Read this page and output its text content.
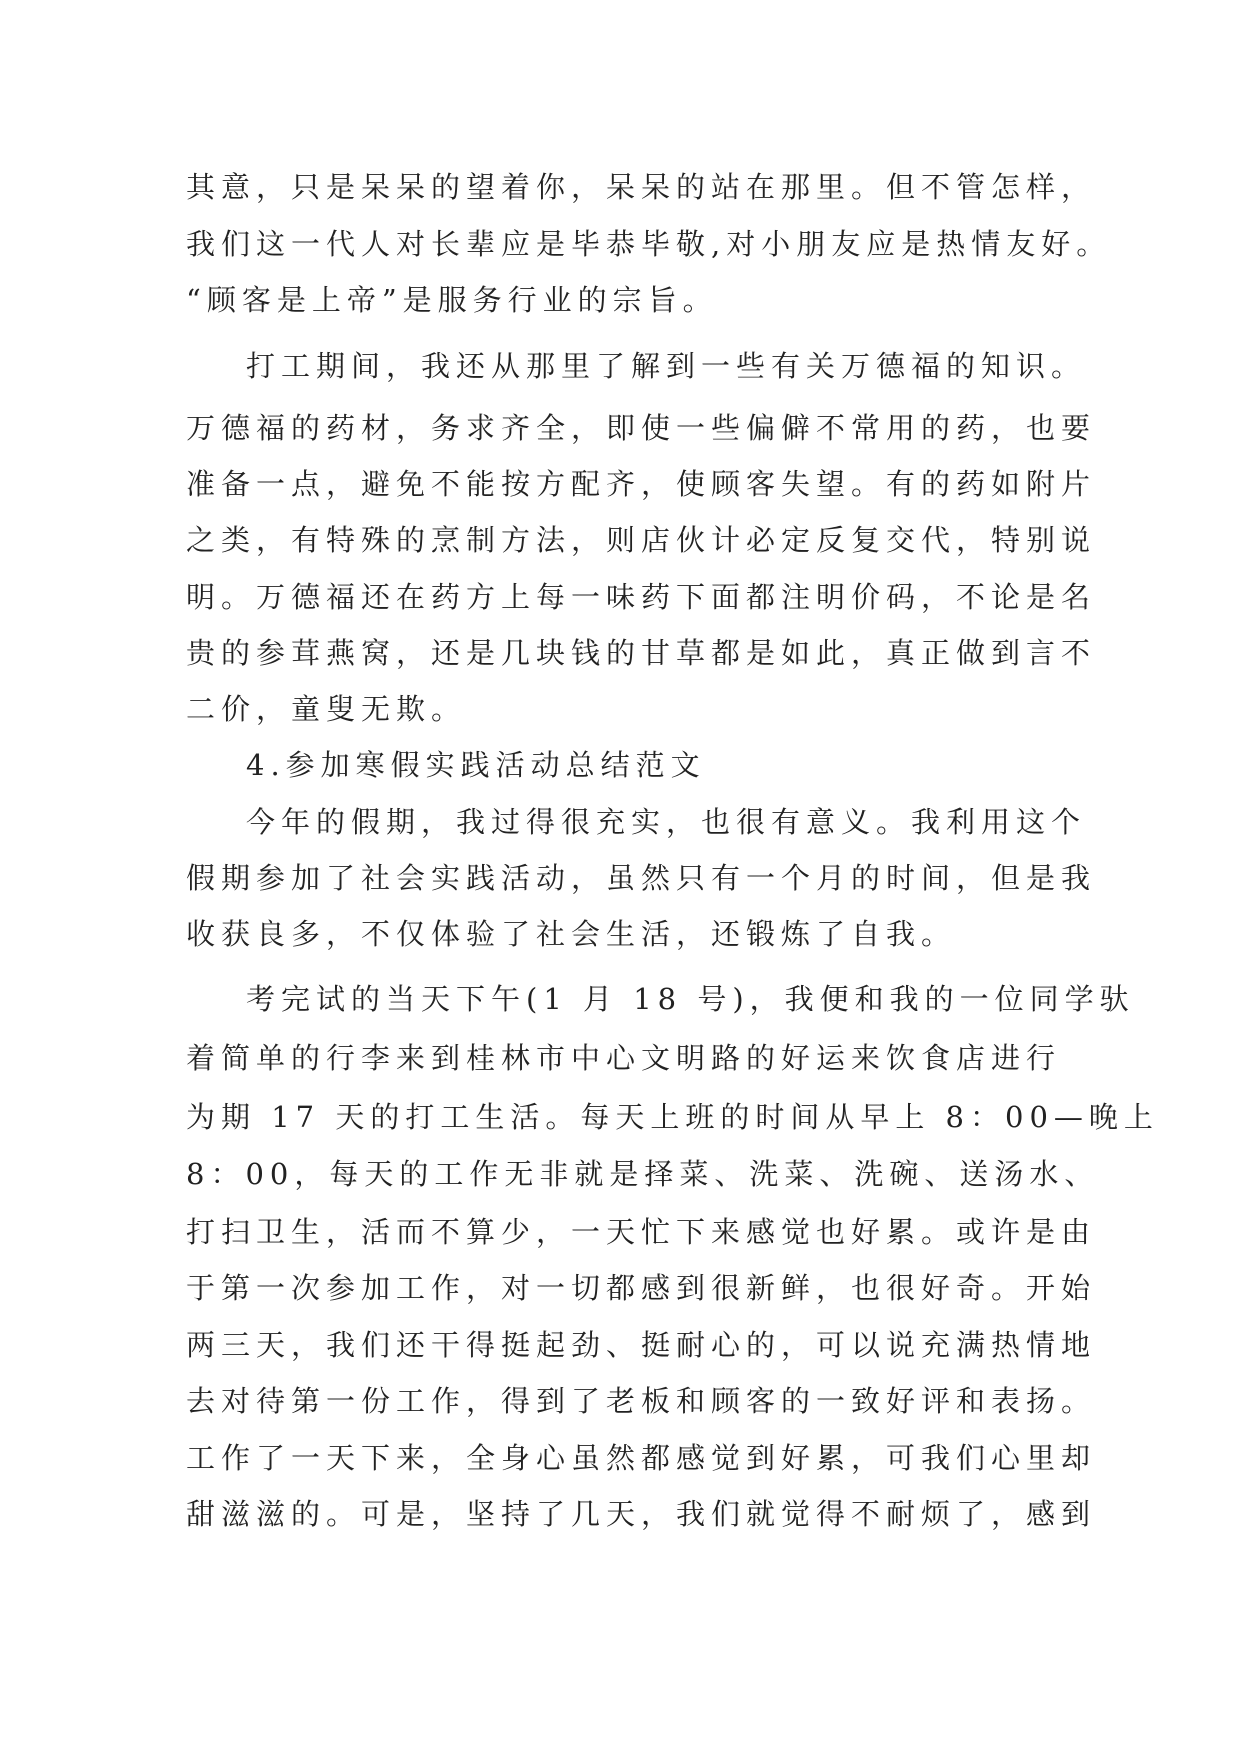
其意，只是呆呆的望着你，呆呆的站在那里。但不管怎样，
我们这一代人对长辈应是毕恭毕敬,对小朋友应是热情友好。
“顾客是上帝”是服务行业的宗旨。
打工期间，我还从那里了解到一些有关万德福的知识。
万德福的药材，务求齐全，即使一些偏僻不常用的药，也要
准备一点，避免不能按方配齐，使顾客失望。有的药如附片
之类，有特殊的烹制方法，则店伙计必定反复交代，特别说
明。万德福还在药方上每一味药下面都注明价码，不论是名
贵的参茸燕窝，还是几块钱的甘草都是如此，真正做到言不
二价，童叟无欺。
4.参加寒假实践活动总结范文
今年的假期，我过得很充实，也很有意义。我利用这个
假期参加了社会实践活动，虽然只有一个月的时间，但是我
收获良多，不仅体验了社会生活，还锻炼了自我。
考完试的当天下午(1 月 18 号)，我便和我的一位同学驮
着简单的行李来到桂林市中心文明路的好运来饮食店进行
为期 17 天的打工生活。每天上班的时间从早上 8：00—晚上
8：00，每天的工作无非就是择菜、洗菜、洗碗、送汤水、
打扫卫生，活而不算少，一天忙下来感觉也好累。或许是由
于第一次参加工作，对一切都感到很新鲜，也很好奇。开始
两三天，我们还干得挺起劲、挺耐心的，可以说充满热情地
去对待第一份工作，得到了老板和顾客的一致好评和表扬。
工作了一天下来，全身心虽然都感觉到好累，可我们心里却
甜滋滋的。可是，坚持了几天，我们就觉得不耐烦了，感到
